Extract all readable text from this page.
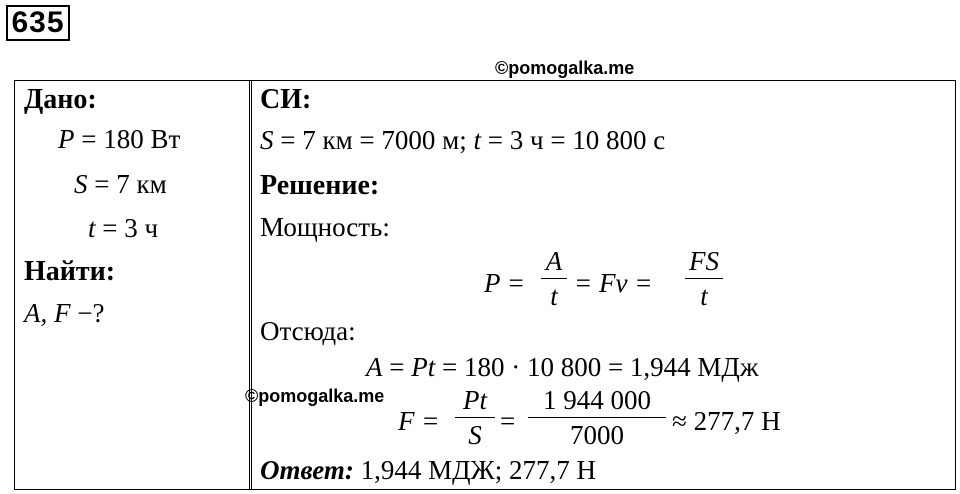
635
©pomogalka.me
Дано:
P = 180 Вт
S = 7 км
t = 3 ч
Найти:
A, F −?
СИ:
S = 7 км = 7000 м; t = 3 ч = 10 800 с
Решение:
Мощность:
P =
A
t = Fv =
FS
t
Отсюда:
A = Pt = 180 · 10 800 = 1,944 МДж
©pomogalka.me
F =
Pt
S =
1 944 000
7000	≈ 277,7 Н
Ответ: 1,944 МДЖ; 277,7 Н
